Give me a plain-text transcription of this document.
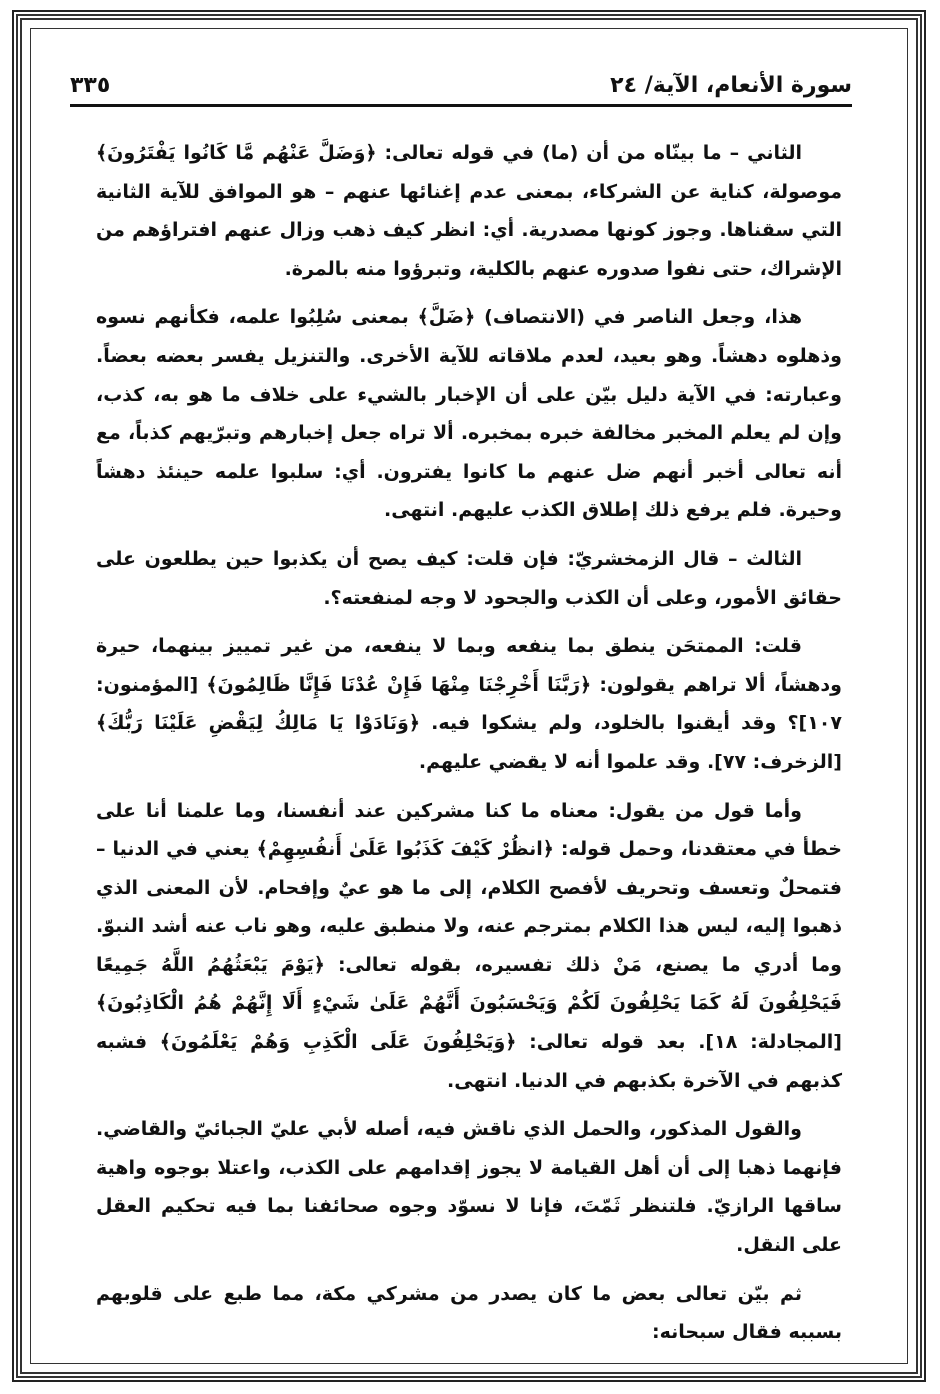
سورة الأنعام، الآية/ ٢٤
٣٣٥

الثاني – ما بينّاه من أن (ما) في قوله تعالى: ﴿وَضَلَّ عَنْهُم مَّا كَانُوا يَفْتَرُونَ﴾ موصولة، كناية عن الشركاء، بمعنى عدم إغنائها عنهم – هو الموافق للآية الثانية التي سقناها. وجوز كونها مصدرية. أي: انظر كيف ذهب وزال عنهم افتراؤهم من الإشراك، حتى نفوا صدوره عنهم بالكلية، وتبرؤوا منه بالمرة.

هذا، وجعل الناصر في (الانتصاف) ﴿ضَلَّ﴾ بمعنى سُلِبُوا علمه، فكأنهم نسوه وذهلوه دهشاً. وهو بعيد، لعدم ملاقاته للآية الأخرى. والتنزيل يفسر بعضه بعضاً. وعبارته: في الآية دليل بيّن على أن الإخبار بالشيء على خلاف ما هو به، كذب، وإن لم يعلم المخبر مخالفة خبره بمخبره. ألا تراه جعل إخبارهم وتبرّيهم كذباً، مع أنه تعالى أخبر أنهم ضل عنهم ما كانوا يفترون. أي: سلبوا علمه حينئذ دهشاً وحيرة. فلم يرفع ذلك إطلاق الكذب عليهم. انتهى.

الثالث – قال الزمخشريّ: فإن قلت: كيف يصح أن يكذبوا حين يطلعون على حقائق الأمور، وعلى أن الكذب والجحود لا وجه لمنفعته؟.

قلت: الممتحَن ينطق بما ينفعه وبما لا ينفعه، من غير تمييز بينهما، حيرة ودهشاً، ألا تراهم يقولون: ﴿رَبَّنَا أَخْرِجْنَا مِنْهَا فَإِنْ عُدْنَا فَإِنَّا ظَالِمُونَ﴾ [المؤمنون: ١٠٧]؟ وقد أيقنوا بالخلود، ولم يشكوا فيه. ﴿وَنَادَوْا يَا مَالِكُ لِيَقْضِ عَلَيْنَا رَبُّكَ﴾ [الزخرف: ٧٧]. وقد علموا أنه لا يقضي عليهم.

وأما قول من يقول: معناه ما كنا مشركين عند أنفسنا، وما علمنا أنا على خطأ في معتقدنا، وحمل قوله: ﴿انظُرْ كَيْفَ كَذَبُوا عَلَىٰ أَنفُسِهِمْ﴾ يعني في الدنيا – فتمحلٌ وتعسف وتحريف لأفصح الكلام، إلى ما هو عيٌ وإفحام. لأن المعنى الذي ذهبوا إليه، ليس هذا الكلام بمترجم عنه، ولا منطبق عليه، وهو ناب عنه أشد النبوّ. وما أدري ما يصنع، مَنْ ذلك تفسيره، بقوله تعالى: ﴿يَوْمَ يَبْعَثُهُمُ اللَّهُ جَمِيعًا فَيَحْلِفُونَ لَهُ كَمَا يَحْلِفُونَ لَكُمْ وَيَحْسَبُونَ أَنَّهُمْ عَلَىٰ شَيْءٍ أَلَا إِنَّهُمْ هُمُ الْكَاذِبُونَ﴾ [المجادلة: ١٨]. بعد قوله تعالى: ﴿وَيَحْلِفُونَ عَلَى الْكَذِبِ وَهُمْ يَعْلَمُونَ﴾ فشبه كذبهم في الآخرة بكذبهم في الدنيا. انتهى.

والقول المذكور، والحمل الذي ناقش فيه، أصله لأبي عليّ الجبائيّ والقاضي. فإنهما ذهبا إلى أن أهل القيامة لا يجوز إقدامهم على الكذب، واعتلا بوجوه واهية ساقها الرازيّ. فلتنظر ثَمّتَ، فإنا لا نسوّد وجوه صحائفنا بما فيه تحكيم العقل على النقل.

ثم بيّن تعالى بعض ما كان يصدر من مشركي مكة، مما طبع على قلوبهم بسببه فقال سبحانه:
